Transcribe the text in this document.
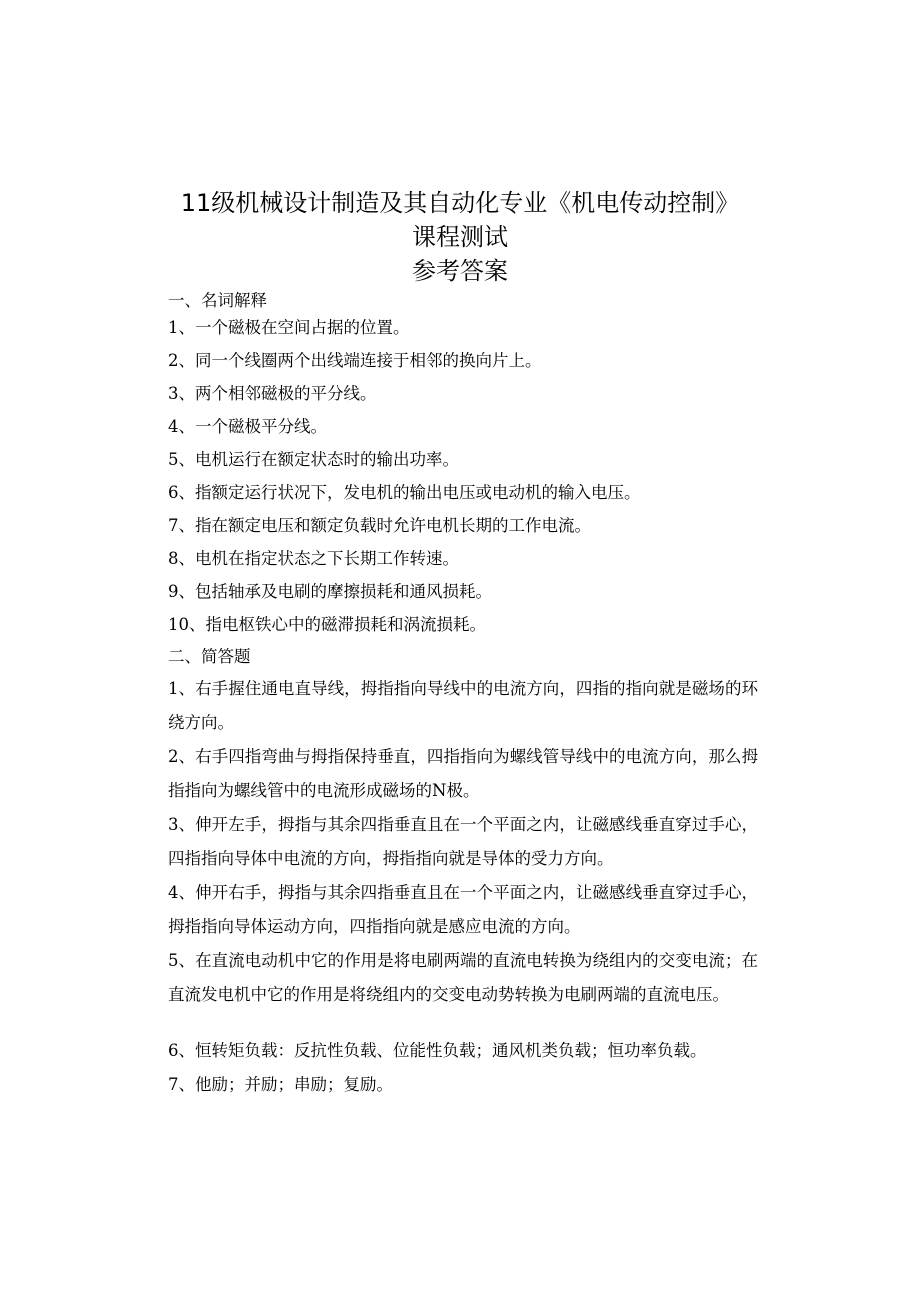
11级机械设计制造及其自动化专业《机电传动控制》
课程测试
参考答案
一、名词解释
1、一个磁极在空间占据的位置。
2、同一个线圈两个出线端连接于相邻的换向片上。
3、两个相邻磁极的平分线。
4、一个磁极平分线。
5、电机运行在额定状态时的输出功率。
6、指额定运行状况下，发电机的输出电压或电动机的输入电压。
7、指在额定电压和额定负载时允许电机长期的工作电流。
8、电机在指定状态之下长期工作转速。
9、包括轴承及电刷的摩擦损耗和通风损耗。
10、指电枢铁心中的磁滞损耗和涡流损耗。
二、简答题
1、右手握住通电直导线，拇指指向导线中的电流方向，四指的指向就是磁场的环绕方向。
2、右手四指弯曲与拇指保持垂直，四指指向为螺线管导线中的电流方向，那么拇指指向为螺线管中的电流形成磁场的N极。
3、伸开左手，拇指与其余四指垂直且在一个平面之内，让磁感线垂直穿过手心，四指指向导体中电流的方向，拇指指向就是导体的受力方向。
4、伸开右手，拇指与其余四指垂直且在一个平面之内，让磁感线垂直穿过手心，拇指指向导体运动方向，四指指向就是感应电流的方向。
5、在直流电动机中它的作用是将电刷两端的直流电转换为绕组内的交变电流；在直流发电机中它的作用是将绕组内的交变电动势转换为电刷两端的直流电压。
6、恒转矩负载：反抗性负载、位能性负载；通风机类负载；恒功率负载。
7、他励；并励；串励；复励。
